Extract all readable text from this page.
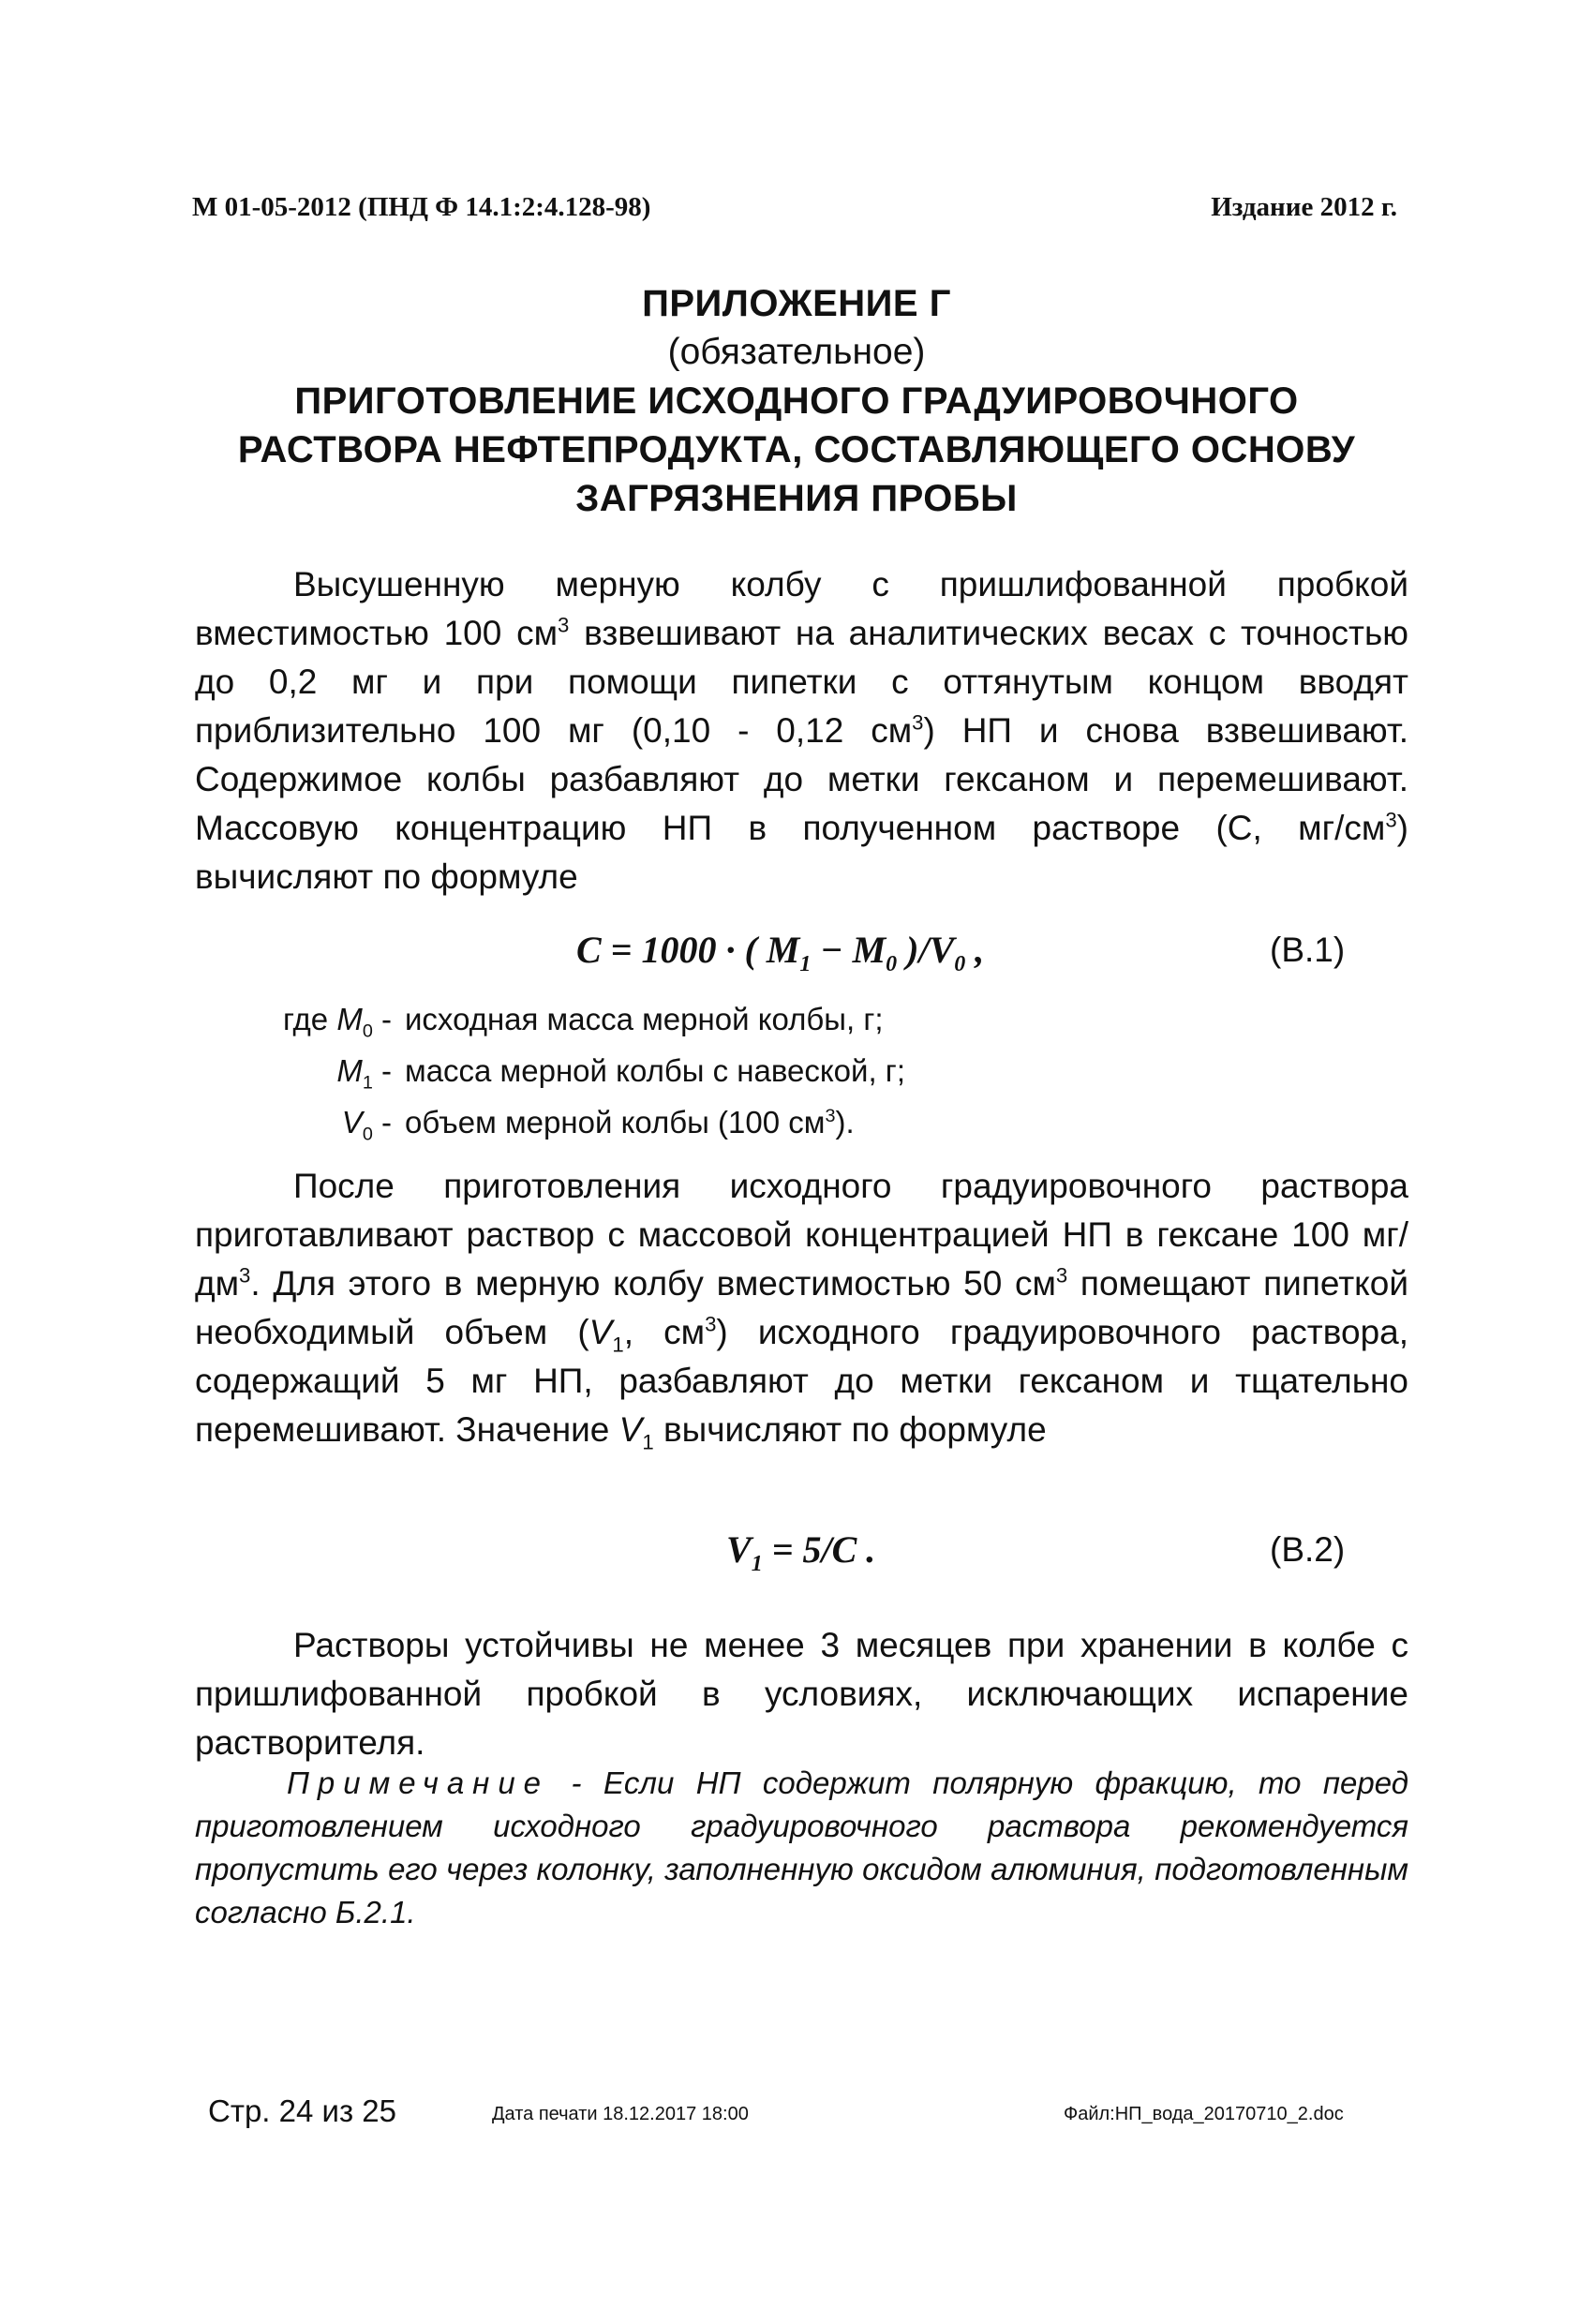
М 01-05-2012 (ПНД Ф 14.1:2:4.128-98)	Издание 2012 г.
ПРИЛОЖЕНИЕ Г
(обязательное)
ПРИГОТОВЛЕНИЕ ИСХОДНОГО ГРАДУИРОВОЧНОГО
РАСТВОРА НЕФТЕПРОДУКТА, СОСТАВЛЯЮЩЕГО ОСНОВУ
ЗАГРЯЗНЕНИЯ ПРОБЫ

Высушенную мерную колбу с пришлифованной пробкой вместимостью 100 $см^3$ взвешивают на аналитических весах с точностью до 0,2 мг и при помощи пипетки с оттянутым концом вводят приблизительно 100 мг (0,10 - 0,12 $см^3$) НП и снова взвешивают. Содержимое колбы разбавляют до метки гексаном и перемешивают. Массовую концентрацию НП в полученном растворе (С, $мг/см^3$) вычисляют по формуле

C = 1000 · ( $M_1 - M_0$ )$/V_0$ ,	(В.1)
где $M_0$ - исходная масса мерной колбы, г;
$M_1$ - масса мерной колбы с навеской, г;
$V_0$ - объем мерной колбы (100 $см^3$).

После приготовления исходного градуировочного раствора приготавливают раствор с массовой концентрацией НП в гексане 100 $мг/дм^3$. Для этого в мерную колбу вместимостью 50 $см^3$ помещают пипеткой необходимый объем ($V_1$, $см^3$) исходного градуировочного раствора, содержащий 5 мг НП, разбавляют до метки гексаном и тщательно перемешивают. Значение $V_1$ вычисляют по формуле

$V_1 = 5/C$ .	(В.2)

Растворы устойчивы не менее 3 месяцев при хранении в колбе с пришлифованной пробкой в условиях, исключающих испарение растворителя.

Примечание - Если НП содержит полярную фракцию, то перед приготовлением исходного градуировочного раствора рекомендуется пропустить его через колонку, заполненную оксидом алюминия, подготовленным согласно Б.2.1.

Стр. 24 из 25	Дата печати 18.12.2017 18:00	Файл:НП_вода_20170710_2.doc
